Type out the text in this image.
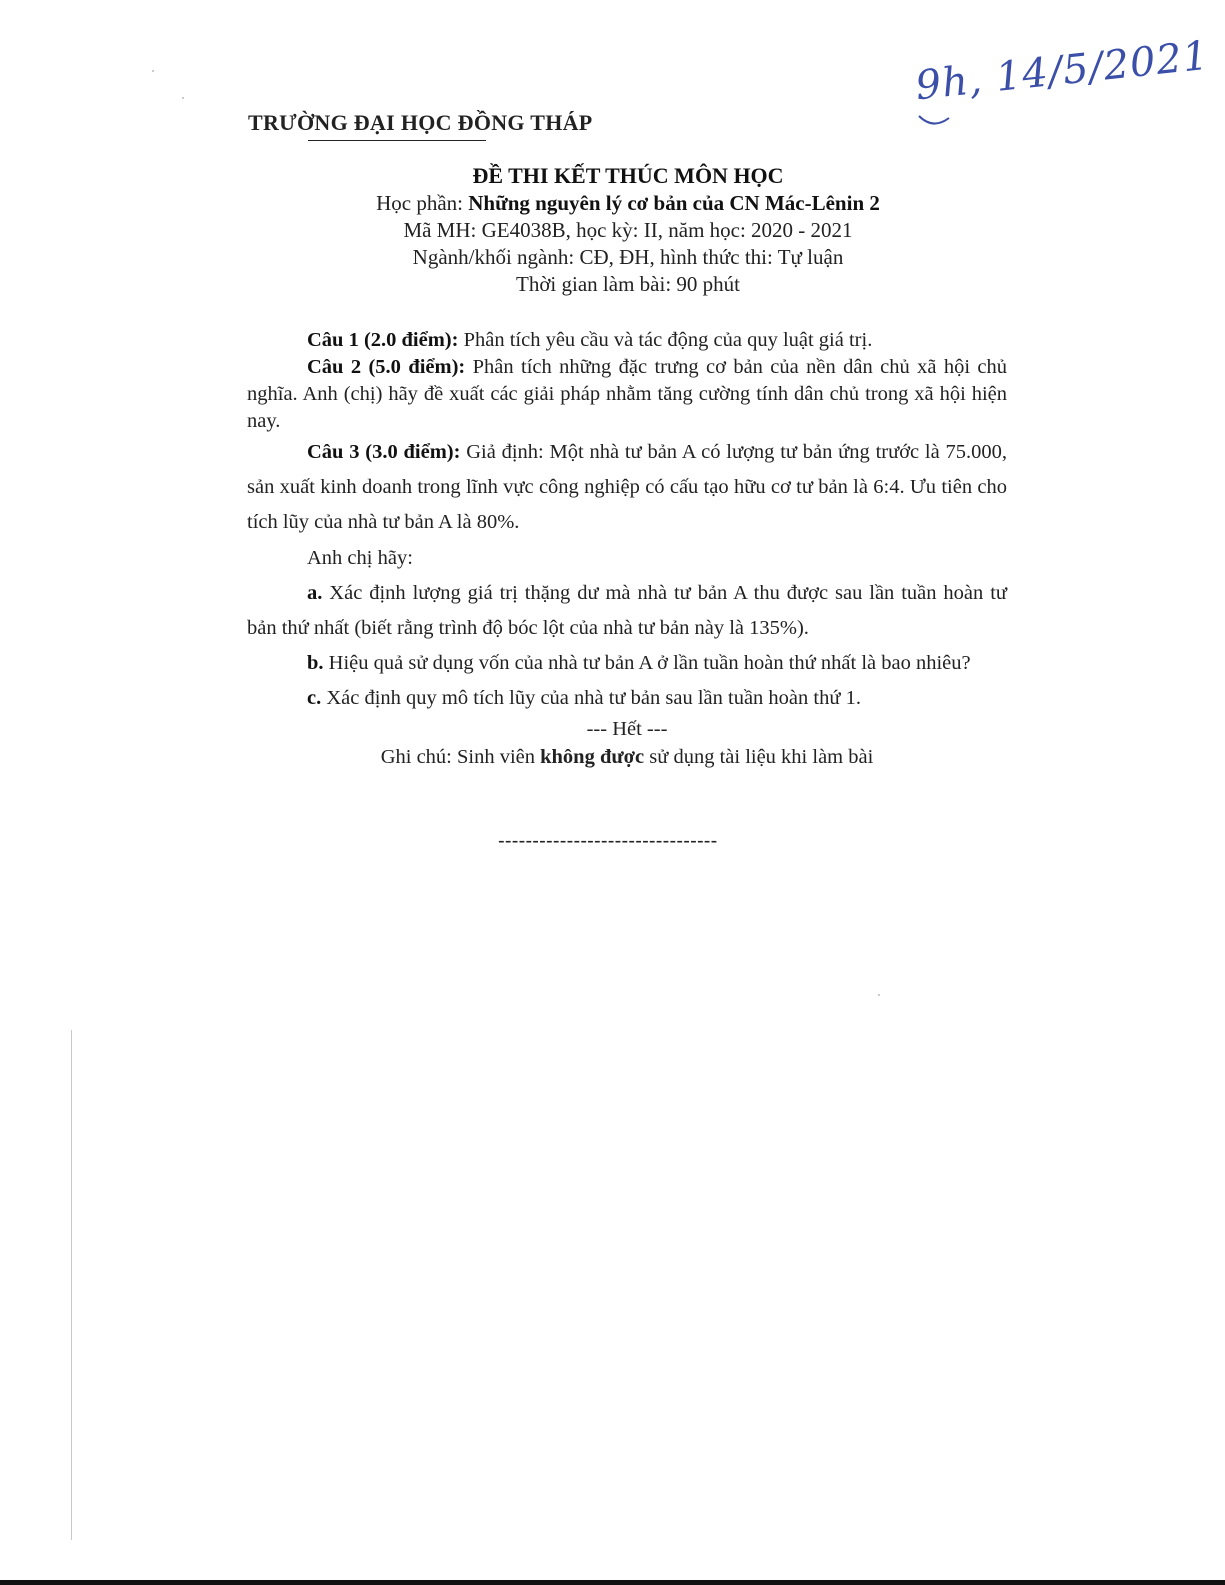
9h, 14/5/2021
TRƯỜNG ĐẠI HỌC ĐỒNG THÁP
ĐỀ THI KẾT THÚC MÔN HỌC
Học phần: Những nguyên lý cơ bản của CN Mác-Lênin 2
Mã MH: GE4038B, học kỳ: II, năm học: 2020 - 2021
Ngành/khối ngành: CĐ, ĐH, hình thức thi: Tự luận
Thời gian làm bài: 90 phút

Câu 1 (2.0 điểm): Phân tích yêu cầu và tác động của quy luật giá trị.

Câu 2 (5.0 điểm): Phân tích những đặc trưng cơ bản của nền dân chủ xã hội chủ nghĩa. Anh (chị) hãy đề xuất các giải pháp nhằm tăng cường tính dân chủ trong xã hội hiện nay.

Câu 3 (3.0 điểm): Giả định: Một nhà tư bản A có lượng tư bản ứng trước là 75.000, sản xuất kinh doanh trong lĩnh vực công nghiệp có cấu tạo hữu cơ tư bản là 6:4. Ưu tiên cho tích lũy của nhà tư bản A là 80%.

Anh chị hãy:

a. Xác định lượng giá trị thặng dư mà nhà tư bản A thu được sau lần tuần hoàn tư bản thứ nhất (biết rằng trình độ bóc lột của nhà tư bản này là 135%).

b. Hiệu quả sử dụng vốn của nhà tư bản A ở lần tuần hoàn thứ nhất là bao nhiêu?

c. Xác định quy mô tích lũy của nhà tư bản sau lần tuần hoàn thứ 1.

--- Hết ---
Ghi chú: Sinh viên không được sử dụng tài liệu khi làm bài
--------------------------------
